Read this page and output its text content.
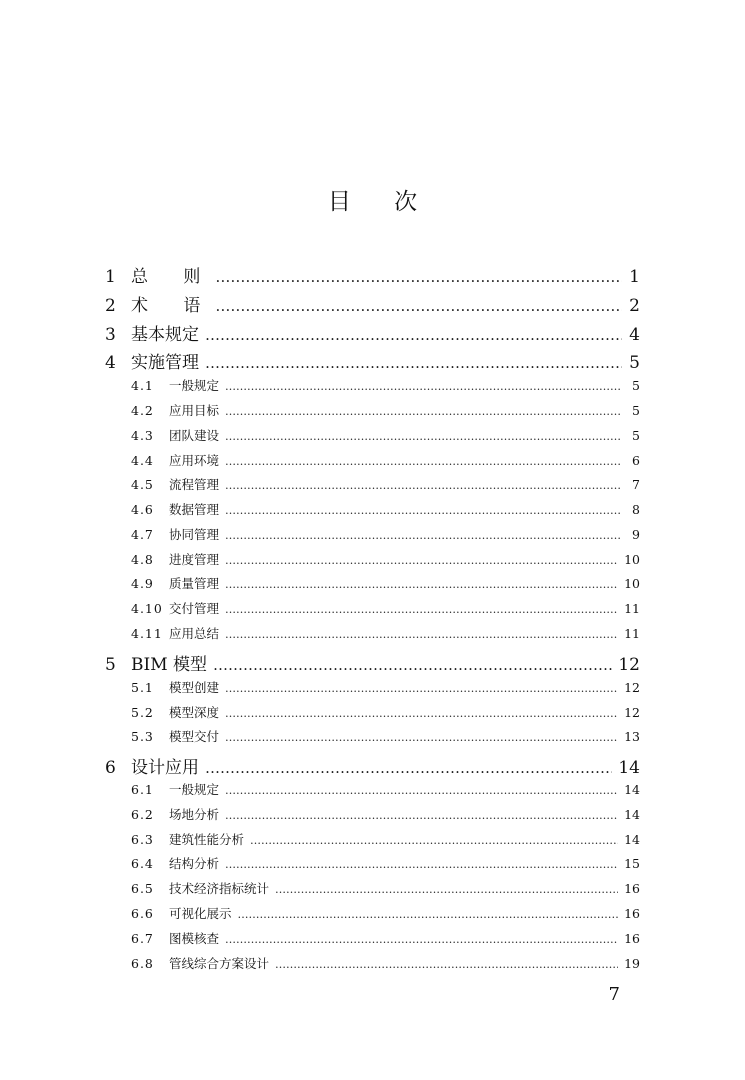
目 次
1 总 则 ………………………………………………………………………………………………………………………………………………………………	1
2 术 语 ………………………………………………………………………………………………………………………………………………………………	2
3 基本规定 ………………………………………………………………………………………………………………………………………………………………	4
4 实施管理 ………………………………………………………………………………………………………………………………………………………………	5
4.1	一般规定 ………………………………………………………………………………………………………………………………………………………………	5
4.2	应用目标 ………………………………………………………………………………………………………………………………………………………………	5
4.3	团队建设 ………………………………………………………………………………………………………………………………………………………………	5
4.4	应用环境 ………………………………………………………………………………………………………………………………………………………………	6
4.5	流程管理 ………………………………………………………………………………………………………………………………………………………………	7
4.6	数据管理 ………………………………………………………………………………………………………………………………………………………………	8
4.7	协同管理 ………………………………………………………………………………………………………………………………………………………………	9
4.8	进度管理 ………………………………………………………………………………………………………………………………………………………………	10
4.9	质量管理 ………………………………………………………………………………………………………………………………………………………………	10
4.10 交付管理 ………………………………………………………………………………………………………………………………………………………………	11
4.11 应用总结 ………………………………………………………………………………………………………………………………………………………………	11
5 BIM 模型 ………………………………………………………………………………………………………………………………………………………………	12
5.1	模型创建 ………………………………………………………………………………………………………………………………………………………………	12
5.2	模型深度 ………………………………………………………………………………………………………………………………………………………………	12
5.3	模型交付 ………………………………………………………………………………………………………………………………………………………………	13
6 设计应用 ………………………………………………………………………………………………………………………………………………………………	14
6.1	一般规定 ………………………………………………………………………………………………………………………………………………………………	14
6.2	场地分析 ………………………………………………………………………………………………………………………………………………………………	14
6.3	建筑性能分析 ………………………………………………………………………………………………………………………………………………………………	14
6.4	结构分析 ………………………………………………………………………………………………………………………………………………………………	15
6.5	技术经济指标统计 ………………………………………………………………………………………………………………………………………………………………	16
6.6	可视化展示 ………………………………………………………………………………………………………………………………………………………………	16
6.7	图模核查 ………………………………………………………………………………………………………………………………………………………………	16
6.8	管线综合方案设计 ………………………………………………………………………………………………………………………………………………………………	19
7
